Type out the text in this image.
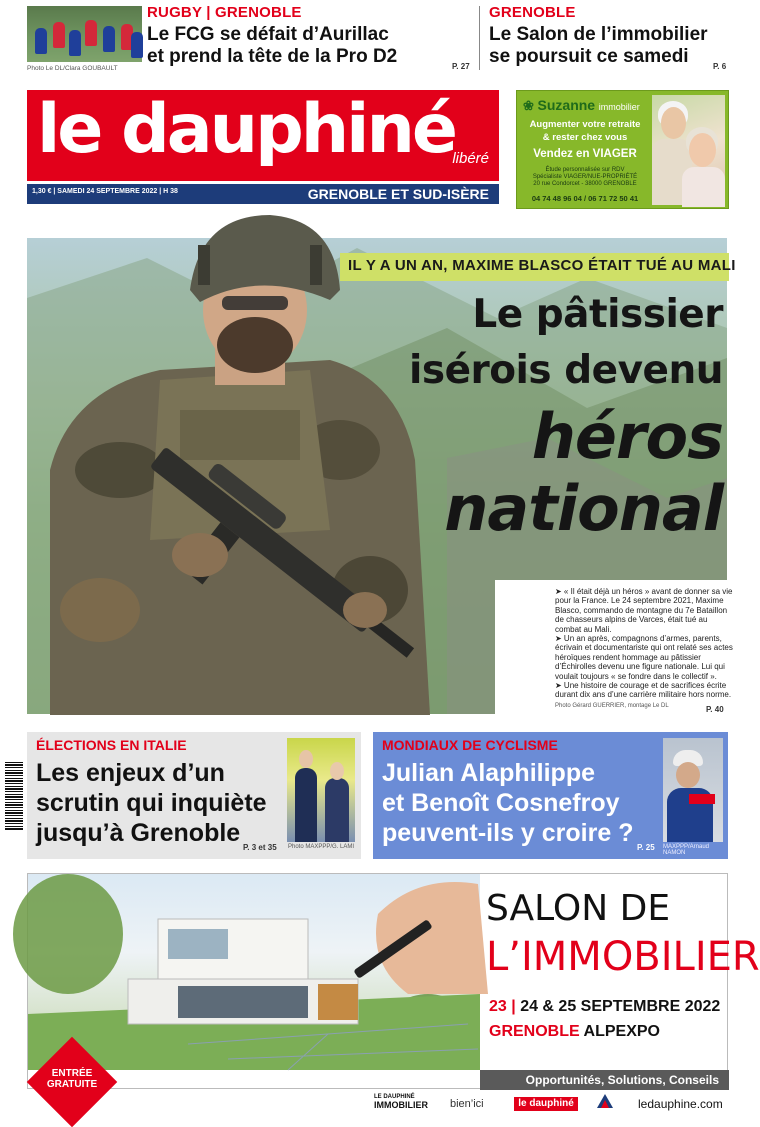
Photo Le DL/Clara GOUBAULT
RUGBY | GRENOBLE
Le FCG se défait d’Aurillac
et prend la tête de la Pro D2	P. 27
GRENOBLE
Le Salon de l’immobilier
se poursuit ce samedi	P. 6
le dauphiné
libéré
1,30 € | SAMEDI 24 SEPTEMBRE 2022 | H 38	GRENOBLE ET SUD-ISÈRE
❀ Suzanne immobilier
Augmenter votre retraite
& rester chez vous
Vendez en VIAGER
Étude personnalisée sur RDV
Spécialiste VIAGER/NUE-PROPRIÉTÉ
20 rue Condorcet - 38000 GRENOBLE
04 74 48 96 04 / 06 71 72 50 41
IL Y A UN AN, MAXIME BLASCO ÉTAIT TUÉ AU MALI
Le pâtissier
isérois devenu
héros
national

➤ « Il était déjà un héros » avant de donner sa vie pour la France. Le 24 septembre 2021, Maxime Blasco, commando de montagne du 7e Bataillon de chasseurs alpins de Varces, était tué au combat au Mali.

➤ Un an après, compagnons d’armes, parents, écrivain et documentariste qui ont relaté ses actes héroïques rendent hommage au pâtissier d’Échirolles devenu une figure nationale. Lui qui voulait toujours « se fondre dans le collectif ».

➤ Une histoire de courage et de sacrifices écrite durant dix ans d’une carrière militaire hors norme.

Photo Gérard GUERRIER, montage Le DL	P. 40
ÉLECTIONS EN ITALIE
Les enjeux d’un
scrutin qui inquiète
jusqu’à Grenoble
P. 3 et 35 Photo MAXPPP/G. LAMI
MONDIAUX DE CYCLISME
Julian Alaphilippe
et Benoît Cosnefroy
peuvent-ils y croire ?
P. 25 MAXPPP/Arnaud NAMON
SALON DE
L’IMMOBILIER
23 | 24 & 25 SEPTEMBRE 2022
GRENOBLE ALPEXPO
Opportunités, Solutions, Conseils
ENTRÉE
GRATUITE
LE DAUPHINÉ
IMMOBILIER bien’ici	le dauphiné	ledauphine.com
